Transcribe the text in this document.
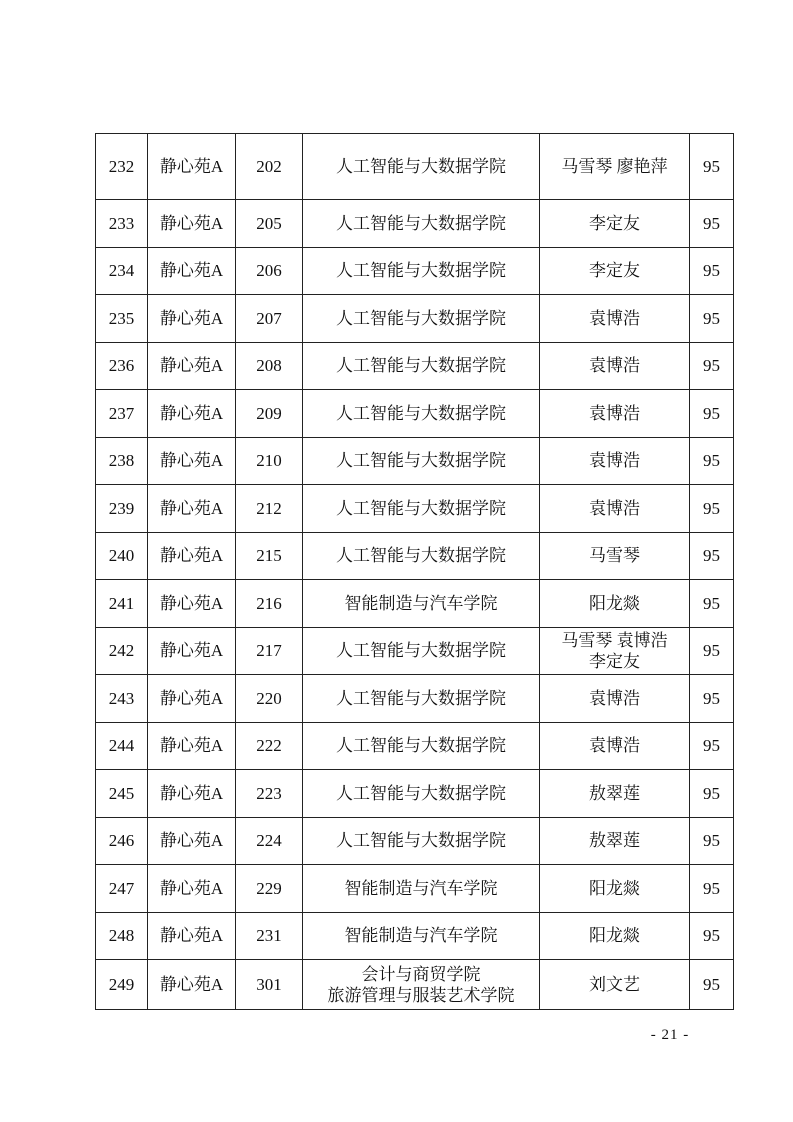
232	静心苑A	202	人工智能与大数据学院	马雪琴 廖艳萍	95
233	静心苑A	205	人工智能与大数据学院	李定友	95
234	静心苑A	206	人工智能与大数据学院	李定友	95
235	静心苑A	207	人工智能与大数据学院	袁博浩	95
236	静心苑A	208	人工智能与大数据学院	袁博浩	95
237	静心苑A	209	人工智能与大数据学院	袁博浩	95
238	静心苑A	210	人工智能与大数据学院	袁博浩	95
239	静心苑A	212	人工智能与大数据学院	袁博浩	95
240	静心苑A	215	人工智能与大数据学院	马雪琴	95
241	静心苑A	216	智能制造与汽车学院	阳龙燚	95
242	静心苑A	217	人工智能与大数据学院	马雪琴 袁博浩
李定友	95
243	静心苑A	220	人工智能与大数据学院	袁博浩	95
244	静心苑A	222	人工智能与大数据学院	袁博浩	95
245	静心苑A	223	人工智能与大数据学院	敖翠莲	95
246	静心苑A	224	人工智能与大数据学院	敖翠莲	95
247	静心苑A	229	智能制造与汽车学院	阳龙燚	95
248	静心苑A	231	智能制造与汽车学院	阳龙燚	95
249	静心苑A	301	会计与商贸学院
旅游管理与服装艺术学院	刘文艺	95
- 21 -
